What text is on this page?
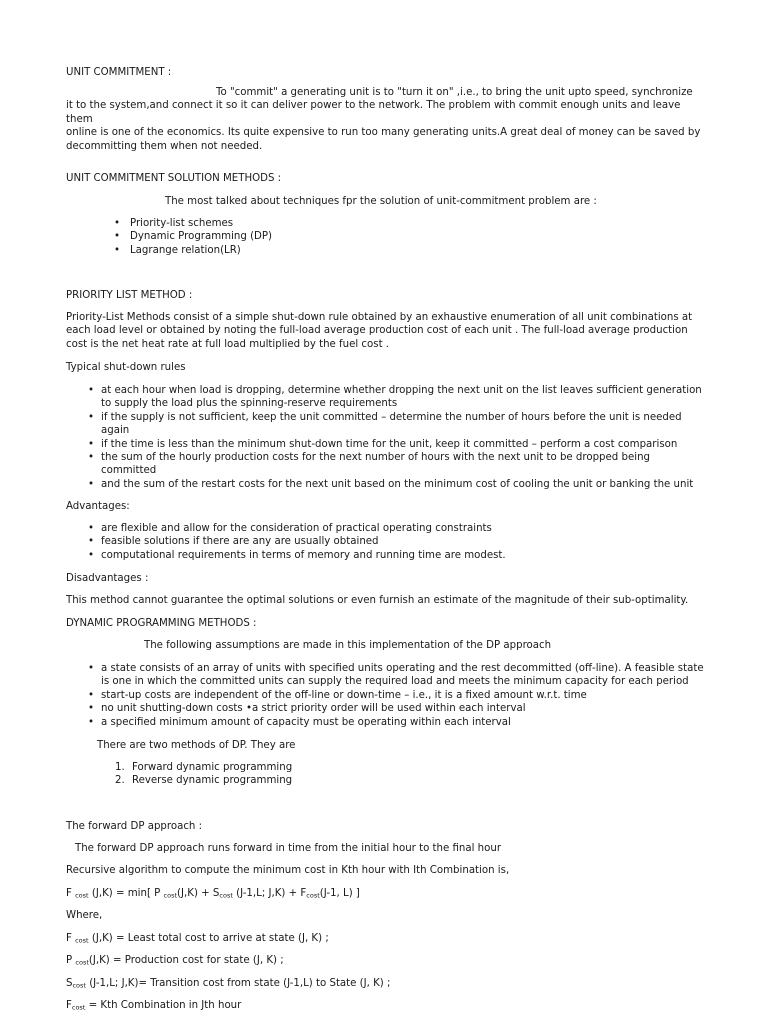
UNIT COMMITMENT :

To "commit" a generating unit is to "turn it on" ,i.e., to bring the unit upto speed, synchronize
it to the system,and connect it so it can deliver power to the network. The problem with commit enough units and leave them
online is one of the economics. Its quite expensive to run too many generating units.A great deal of money can be saved by
decommitting them when not needed.

UNIT COMMITMENT SOLUTION METHODS :

The most talked about techniques fpr the solution of unit-commitment problem are :

• Priority-list schemes
• Dynamic Programming (DP)
• Lagrange relation(LR)

PRIORITY LIST METHOD :

Priority-List Methods consist of a simple shut-down rule obtained by an exhaustive enumeration of all unit combinations at
each load level or obtained by noting the full-load average production cost of each unit . The full-load average production
cost is the net heat rate at full load multiplied by the fuel cost .

Typical shut-down rules

• at each hour when load is dropping, determine whether dropping the next unit on the list leaves sufficient generation
to supply the load plus the spinning-reserve requirements
• if the supply is not sufficient, keep the unit committed – determine the number of hours before the unit is needed
again
• if the time is less than the minimum shut-down time for the unit, keep it committed – perform a cost comparison
• the sum of the hourly production costs for the next number of hours with the next unit to be dropped being
committed
• and the sum of the restart costs for the next unit based on the minimum cost of cooling the unit or banking the unit

Advantages:

• are flexible and allow for the consideration of practical operating constraints
• feasible solutions if there are any are usually obtained
• computational requirements in terms of memory and running time are modest.

Disadvantages :

This method cannot guarantee the optimal solutions or even furnish an estimate of the magnitude of their sub-optimality.

DYNAMIC PROGRAMMING METHODS :

The following assumptions are made in this implementation of the DP approach

• a state consists of an array of units with specified units operating and the rest decommitted (off-line). A feasible state
is one in which the committed units can supply the required load and meets the minimum capacity for each period
• start-up costs are independent of the off-line or down-time – i.e., it is a fixed amount w.r.t. time
• no unit shutting-down costs •a strict priority order will be used within each interval
• a specified minimum amount of capacity must be operating within each interval

There are two methods of DP. They are

1. Forward dynamic programming
2. Reverse dynamic programming

The forward DP approach :

The forward DP approach runs forward in time from the initial hour to the final hour

Recursive algorithm to compute the minimum cost in Kth hour with Ith Combination is,

F $_{cost}$ (J,K) = min[ P $_{cost}(J,K) + S_{cost}$ (J-1,L; $J,K) + F_{cost}(J-1$, L) ]

Where,

F $_{cost}$ (J,K) = Least total cost to arrive at state (J, K) ;

P $_{cost}$(J,K) = Production cost for state (J, K) ;

$S_{cost}$ (J-1,L; J,K)= Transition cost from state (J-1,L) to State (J, K) ;

$F_{cost}$ = Kth Combination in Jth hour
